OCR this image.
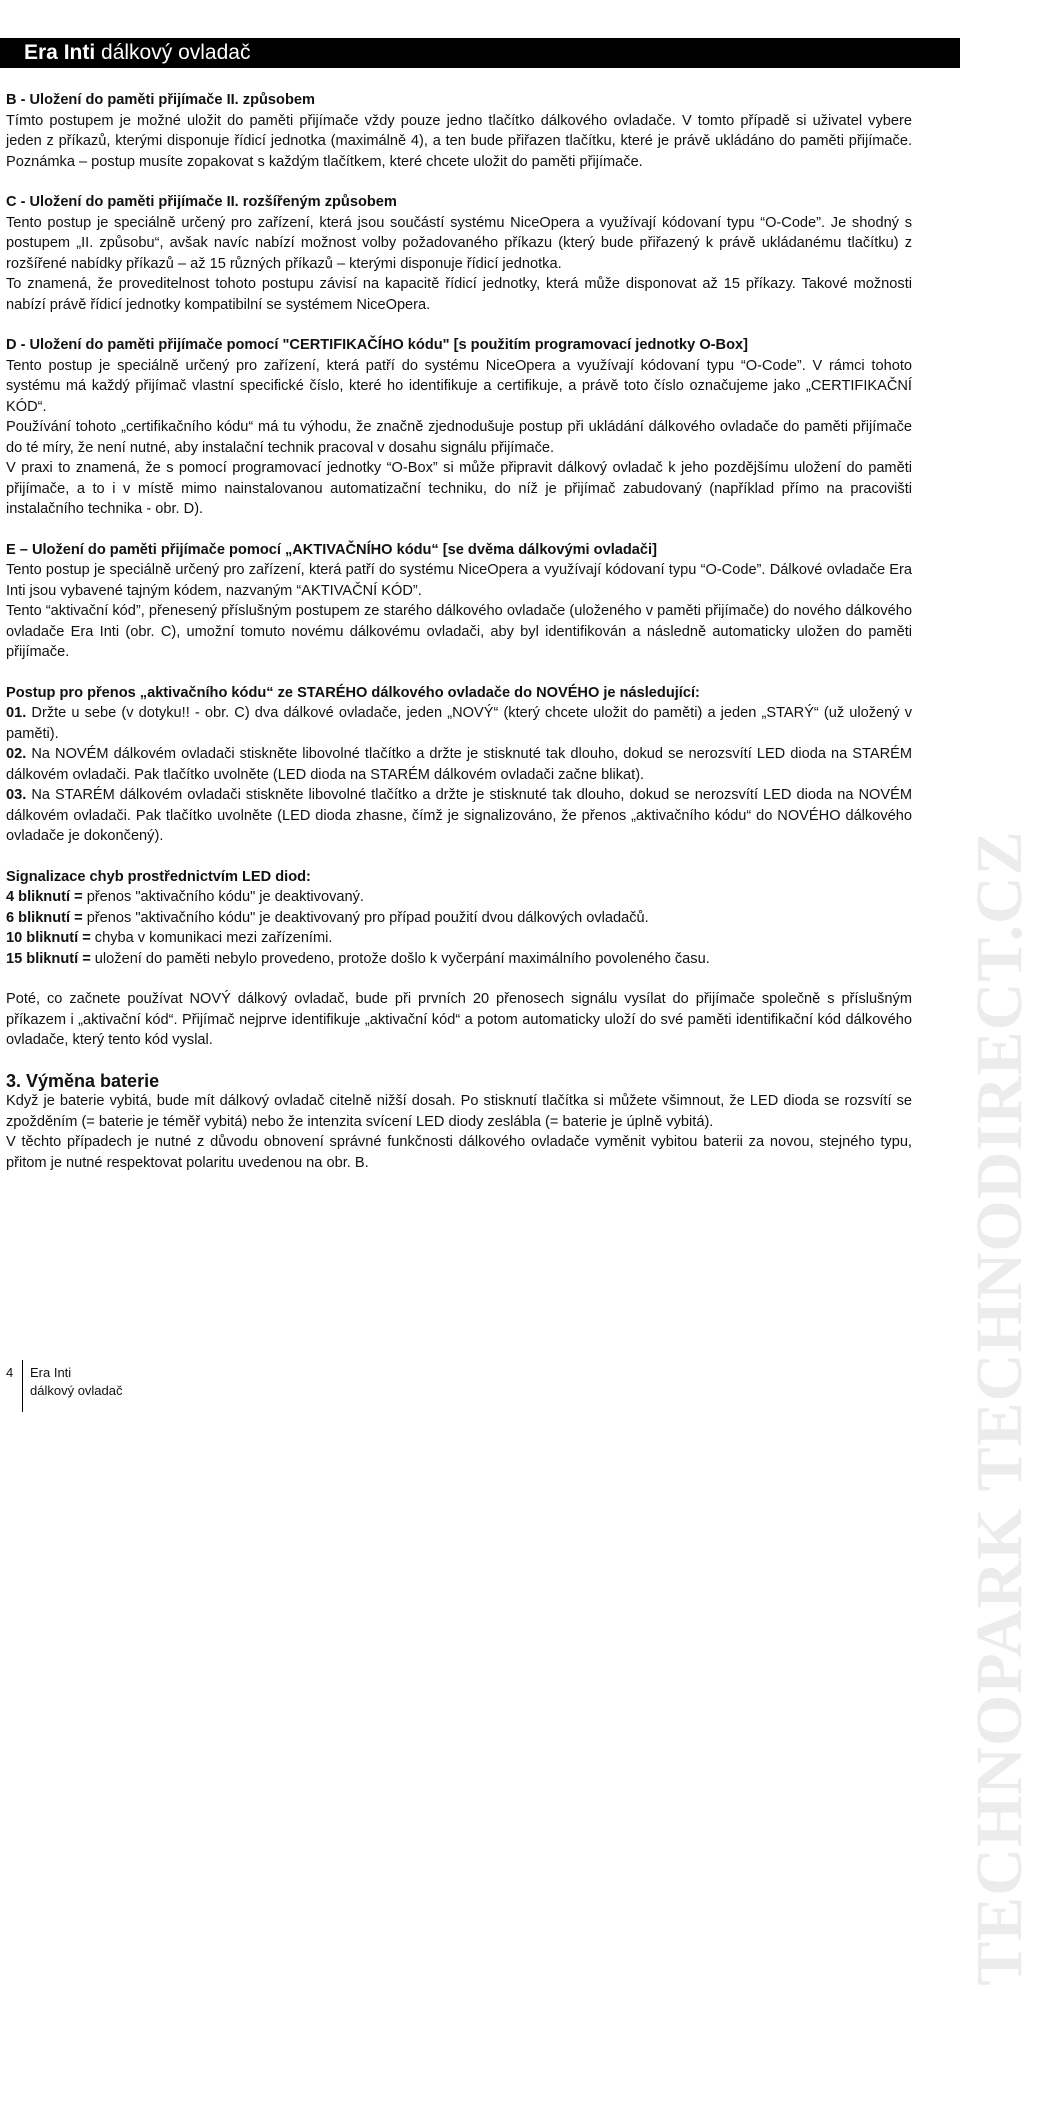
TECHNOPARK TECHNODIRECT.CZ
Era Inti dálkový ovladač

B - Uložení do paměti přijímače II. způsobem

Tímto postupem je možné uložit do paměti přijímače vždy pouze jedno tlačítko dálkového ovladače. V tomto případě si uživatel vybere jeden z příkazů, kterými disponuje řídicí jednotka (maximálně 4), a ten bude přiřazen tlačítku, které je právě ukládáno do paměti přijímače. Poznámka – postup musíte zopakovat s každým tlačítkem, které chcete uložit do paměti přijímače.

C - Uložení do paměti přijímače II. rozšířeným způsobem

Tento postup je speciálně určený pro zařízení, která jsou součástí systému NiceOpera a využívají kódovaní typu “O-Code”. Je shodný s postupem „II. způsobu“, avšak navíc nabízí možnost volby požadovaného příkazu (který bude přiřazený k právě ukládanému tlačítku) z rozšířené nabídky příkazů – až 15 různých příkazů – kterými disponuje řídicí jednotka.

To znamená, že proveditelnost tohoto postupu závisí na kapacitě řídicí jednotky, která může disponovat až 15 příkazy. Takové možnosti nabízí právě řídicí jednotky kompatibilní se systémem NiceOpera.

D - Uložení do paměti přijímače pomocí "CERTIFIKAČÍHO kódu" [s použitím programovací jednotky O-Box]

Tento postup je speciálně určený pro zařízení, která patří do systému NiceOpera a využívají kódovaní typu “O-Code”. V rámci tohoto systému má každý přijímač vlastní specifické číslo, které ho identifikuje a certifikuje, a právě toto číslo označujeme jako „CERTIFIKAČNÍ KÓD“.

Používání tohoto „certifikačního kódu“ má tu výhodu, že značně zjednodušuje postup při ukládání dálkového ovladače do paměti přijímače do té míry, že není nutné, aby instalační technik pracoval v dosahu signálu přijímače.

V praxi to znamená, že s pomocí programovací jednotky “O-Box” si může připravit dálkový ovladač k jeho pozdějšímu uložení do paměti přijímače, a to i v místě mimo nainstalovanou automatizační techniku, do níž je přijímač zabudovaný (například přímo na pracovišti instalačního technika - obr. D).

E – Uložení do paměti přijímače pomocí „AKTIVAČNÍHO kódu“ [se dvěma dálkovými ovladači]

Tento postup je speciálně určený pro zařízení, která patří do systému NiceOpera a využívají kódovaní typu “O-Code”. Dálkové ovladače Era Inti jsou vybavené tajným kódem, nazvaným “AKTIVAČNÍ KÓD”.

Tento “aktivační kód”, přenesený příslušným postupem ze starého dálkového ovladače (uloženého v paměti přijímače) do nového dálkového ovladače Era Inti (obr. C), umožní tomuto novému dálkovému ovladači, aby byl identifikován a následně automaticky uložen do paměti přijímače.

Postup pro přenos „aktivačního kódu“ ze STARÉHO dálkového ovladače do NOVÉHO je následující:

01. Držte u sebe (v dotyku!! - obr. C) dva dálkové ovladače, jeden „NOVÝ“ (který chcete uložit do paměti) a jeden „STARÝ“ (už uložený v paměti).

02. Na NOVÉM dálkovém ovladači stiskněte libovolné tlačítko a držte je stisknuté tak dlouho, dokud se nerozsvítí LED dioda na STARÉM dálkovém ovladači. Pak tlačítko uvolněte (LED dioda na STARÉM dálkovém ovladači začne blikat).

03. Na STARÉM dálkovém ovladači stiskněte libovolné tlačítko a držte je stisknuté tak dlouho, dokud se nerozsvítí LED dioda na NOVÉM dálkovém ovladači. Pak tlačítko uvolněte (LED dioda zhasne, čímž je signalizováno, že přenos „aktivačního kódu“ do NOVÉHO dálkového ovladače je dokončený).

Signalizace chyb prostřednictvím LED diod:

4 bliknutí = přenos "aktivačního kódu" je deaktivovaný.

6 bliknutí = přenos "aktivačního kódu" je deaktivovaný pro případ použití dvou dálkových ovladačů.

10 bliknutí = chyba v komunikaci mezi zařízeními.

15 bliknutí = uložení do paměti nebylo provedeno, protože došlo k vyčerpání maximálního povoleného času.

Poté, co začnete používat NOVÝ dálkový ovladač, bude při prvních 20 přenosech signálu vysílat do přijímače společně s příslušným příkazem i „aktivační kód“. Přijímač nejprve identifikuje „aktivační kód“ a potom automaticky uloží do své paměti identifikační kód dálkového ovladače, který tento kód vyslal.

3. Výměna baterie

Když je baterie vybitá, bude mít dálkový ovladač citelně nižší dosah. Po stisknutí tlačítka si můžete všimnout, že LED dioda se rozsvítí se zpožděním (= baterie je téměř vybitá) nebo že intenzita svícení LED diody zeslábla (= baterie je úplně vybitá).

V těchto případech je nutné z důvodu obnovení správné funkčnosti dálkového ovladače vyměnit vybitou baterii za novou, stejného typu, přitom je nutné respektovat polaritu uvedenou na obr. B.

4 Era Inti
dálkový ovladač
